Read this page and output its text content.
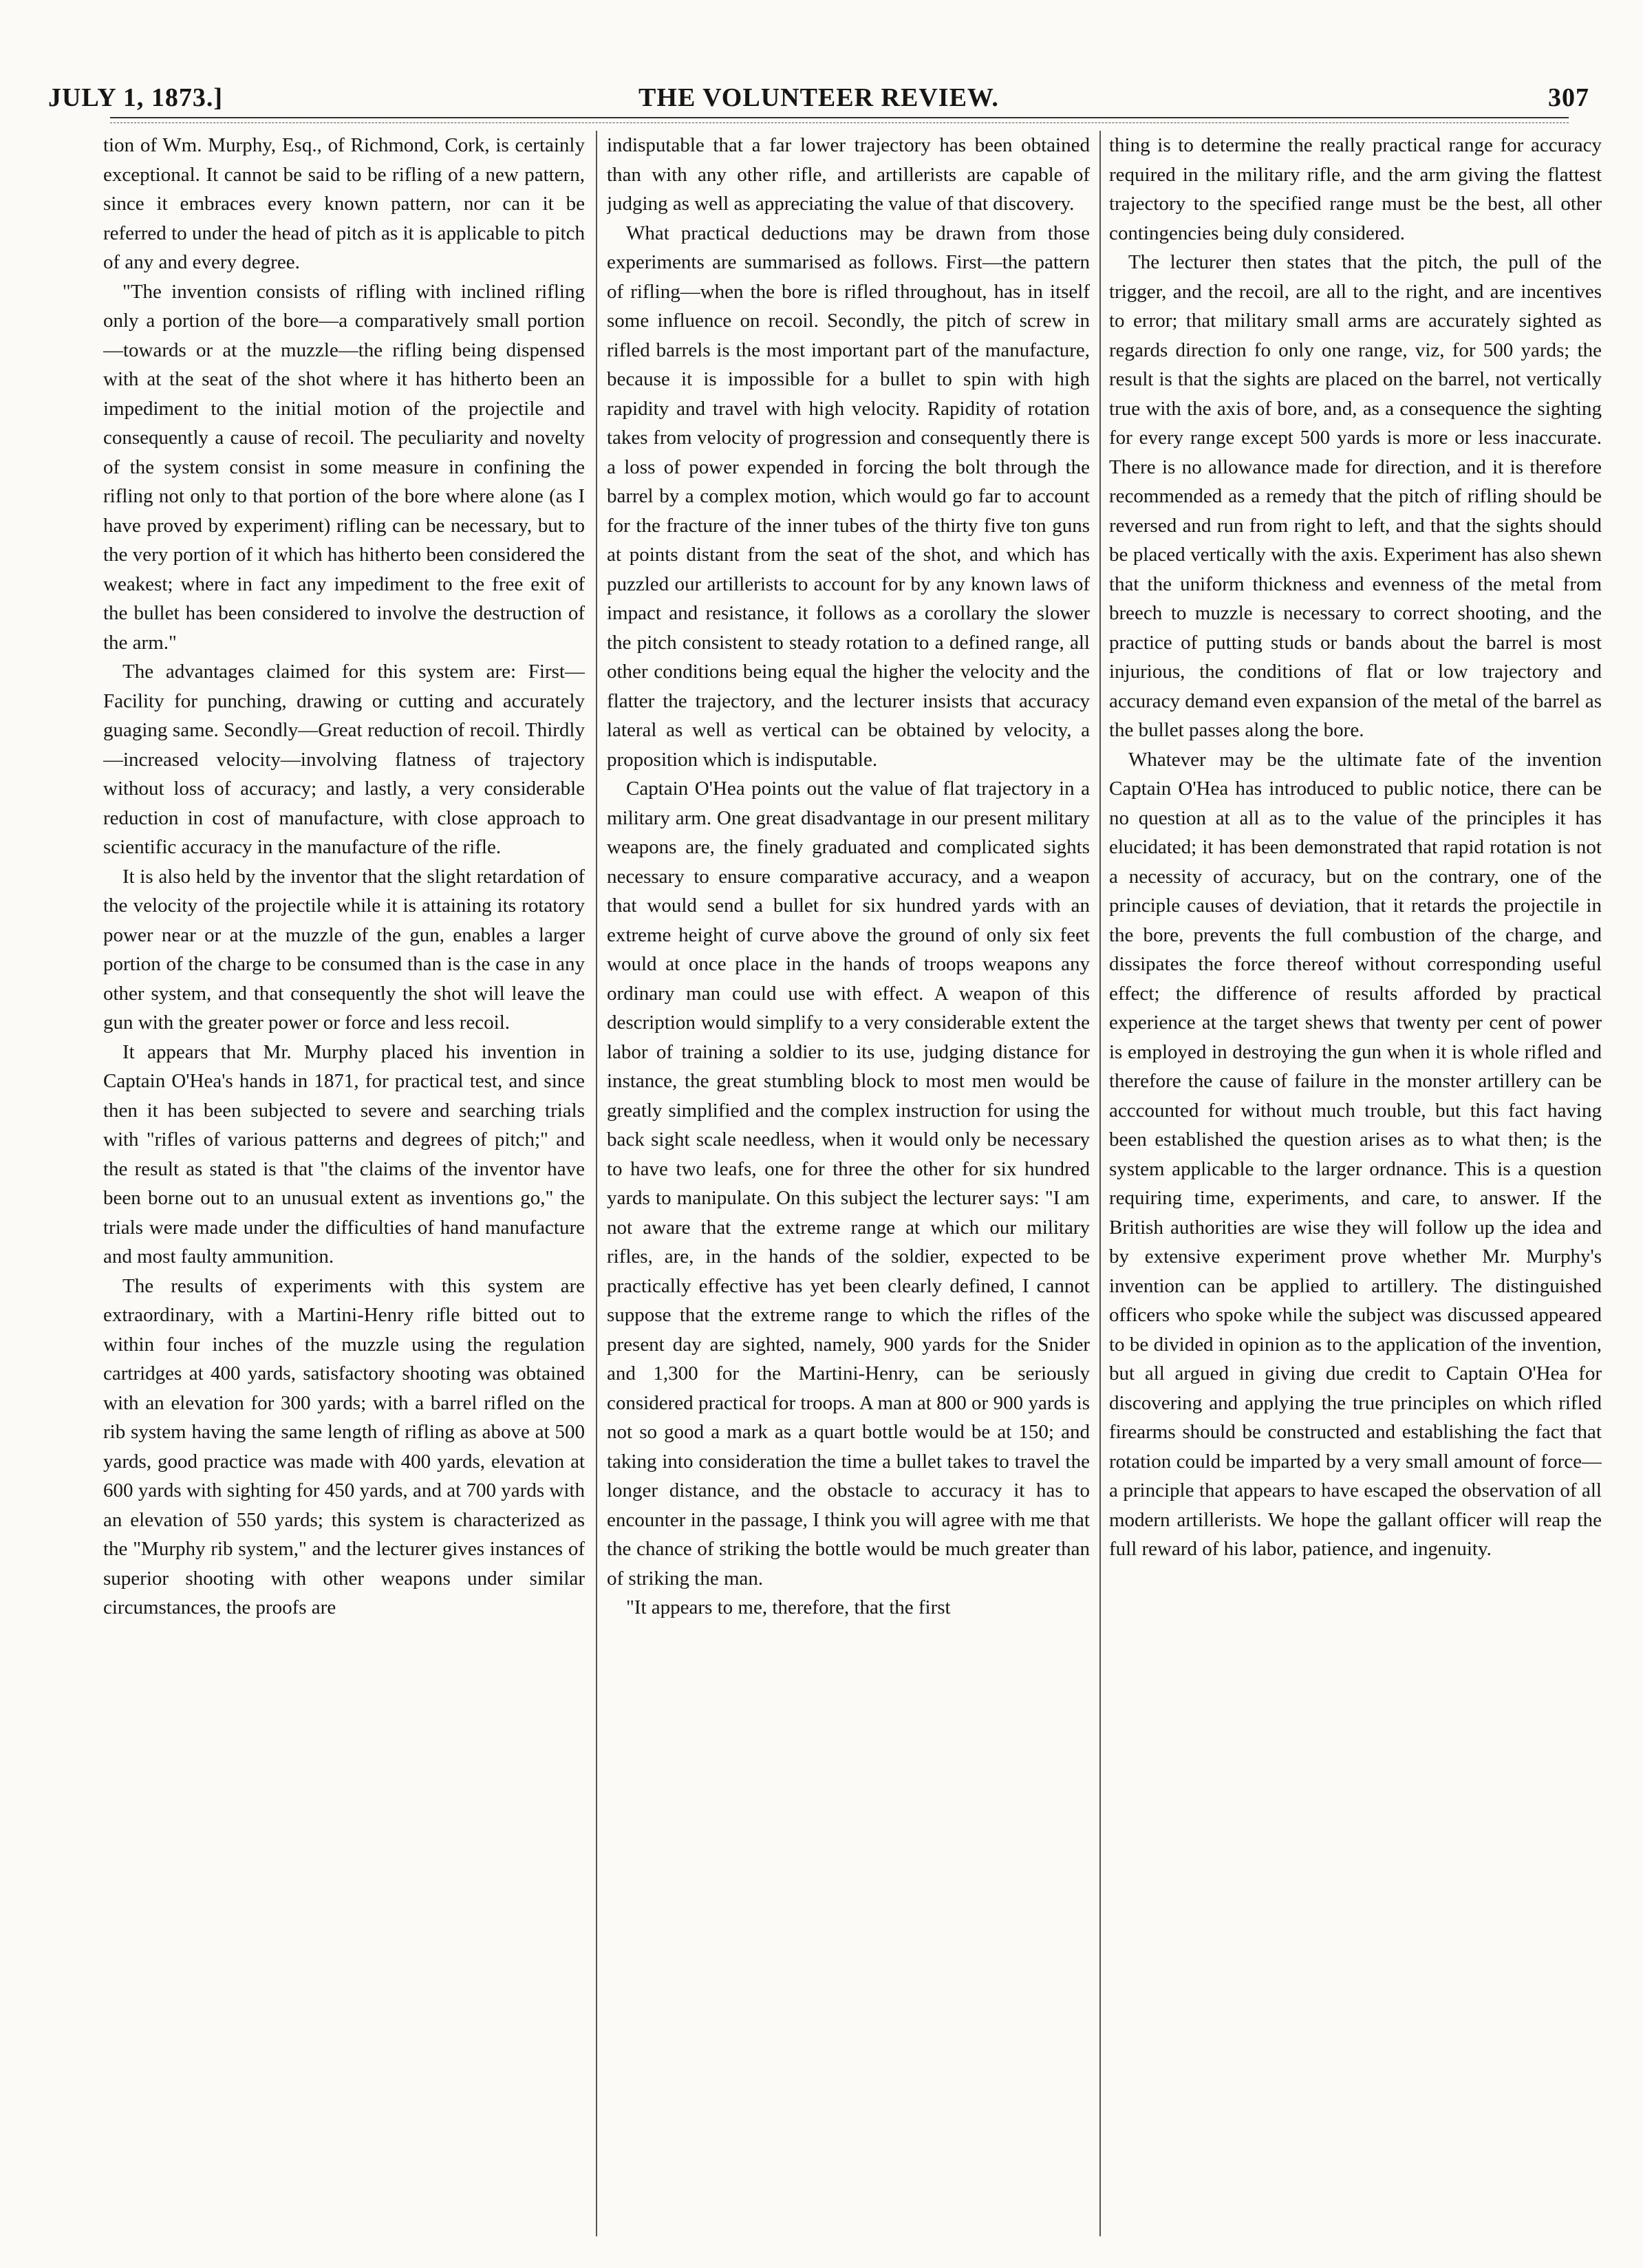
JULY 1, 1873.]	THE VOLUNTEER REVIEW.	307

tion of Wm. Murphy, Esq., of Richmond, Cork, is certainly exceptional. It cannot be said to be rifling of a new pattern, since it embraces every known pattern, nor can it be referred to under the head of pitch as it is applicable to pitch of any and every degree.

"The invention consists of rifling with inclined rifling only a portion of the bore—a comparatively small portion—towards or at the muzzle—the rifling being dispensed with at the seat of the shot where it has hitherto been an impediment to the initial motion of the projectile and consequently a cause of recoil. The peculiarity and novelty of the system consist in some measure in confining the rifling not only to that portion of the bore where alone (as I have proved by experiment) rifling can be necessary, but to the very portion of it which has hitherto been considered the weakest; where in fact any impediment to the free exit of the bullet has been considered to involve the destruction of the arm."

The advantages claimed for this system are: First—Facility for punching, drawing or cutting and accurately guaging same. Secondly—Great reduction of recoil. Thirdly—increased velocity—involving flatness of trajectory without loss of accuracy; and lastly, a very considerable reduction in cost of manufacture, with close approach to scientific accuracy in the manufacture of the rifle.

It is also held by the inventor that the slight retardation of the velocity of the projectile while it is attaining its rotatory power near or at the muzzle of the gun, enables a larger portion of the charge to be consumed than is the case in any other system, and that consequently the shot will leave the gun with the greater power or force and less recoil.

It appears that Mr. Murphy placed his invention in Captain O'Hea's hands in 1871, for practical test, and since then it has been subjected to severe and searching trials with "rifles of various patterns and degrees of pitch;" and the result as stated is that "the claims of the inventor have been borne out to an unusual extent as inventions go," the trials were made under the difficulties of hand manufacture and most faulty ammunition.

The results of experiments with this system are extraordinary, with a Martini-Henry rifle bitted out to within four inches of the muzzle using the regulation cartridges at 400 yards, satisfactory shooting was obtained with an elevation for 300 yards; with a barrel rifled on the rib system having the same length of rifling as above at 500 yards, good practice was made with 400 yards, elevation at 600 yards with sighting for 450 yards, and at 700 yards with an elevation of 550 yards; this system is characterized as the "Murphy rib system," and the lecturer gives instances of superior shooting with other weapons under similar circumstances, the proofs are

indisputable that a far lower trajectory has been obtained than with any other rifle, and artillerists are capable of judging as well as appreciating the value of that discovery.

What practical deductions may be drawn from those experiments are summarised as follows. First—the pattern of rifling—when the bore is rifled throughout, has in itself some influence on recoil. Secondly, the pitch of screw in rifled barrels is the most important part of the manufacture, because it is impossible for a bullet to spin with high rapidity and travel with high velocity. Rapidity of rotation takes from velocity of progression and consequently there is a loss of power expended in forcing the bolt through the barrel by a complex motion, which would go far to account for the fracture of the inner tubes of the thirty five ton guns at points distant from the seat of the shot, and which has puzzled our artillerists to account for by any known laws of impact and resistance, it follows as a corollary the slower the pitch consistent to steady rotation to a defined range, all other conditions being equal the higher the velocity and the flatter the trajectory, and the lecturer insists that accuracy lateral as well as vertical can be obtained by velocity, a proposition which is indisputable.

Captain O'Hea points out the value of flat trajectory in a military arm. One great disadvantage in our present military weapons are, the finely graduated and complicated sights necessary to ensure comparative accuracy, and a weapon that would send a bullet for six hundred yards with an extreme height of curve above the ground of only six feet would at once place in the hands of troops weapons any ordinary man could use with effect. A weapon of this description would simplify to a very considerable extent the labor of training a soldier to its use, judging distance for instance, the great stumbling block to most men would be greatly simplified and the complex instruction for using the back sight scale needless, when it would only be necessary to have two leafs, one for three the other for six hundred yards to manipulate. On this subject the lecturer says: "I am not aware that the extreme range at which our military rifles, are, in the hands of the soldier, expected to be practically effective has yet been clearly defined, I cannot suppose that the extreme range to which the rifles of the present day are sighted, namely, 900 yards for the Snider and 1,300 for the Martini-Henry, can be seriously considered practical for troops. A man at 800 or 900 yards is not so good a mark as a quart bottle would be at 150; and taking into consideration the time a bullet takes to travel the longer distance, and the obstacle to accuracy it has to encounter in the passage, I think you will agree with me that the chance of striking the bottle would be much greater than of striking the man.

"It appears to me, therefore, that the first

thing is to determine the really practical range for accuracy required in the military rifle, and the arm giving the flattest trajectory to the specified range must be the best, all other contingencies being duly considered.

The lecturer then states that the pitch, the pull of the trigger, and the recoil, are all to the right, and are incentives to error; that military small arms are accurately sighted as regards direction fo only one range, viz, for 500 yards; the result is that the sights are placed on the barrel, not vertically true with the axis of bore, and, as a consequence the sighting for every range except 500 yards is more or less inaccurate. There is no allowance made for direction, and it is therefore recommended as a remedy that the pitch of rifling should be reversed and run from right to left, and that the sights should be placed vertically with the axis. Experiment has also shewn that the uniform thickness and evenness of the metal from breech to muzzle is necessary to correct shooting, and the practice of putting studs or bands about the barrel is most injurious, the conditions of flat or low trajectory and accuracy demand even expansion of the metal of the barrel as the bullet passes along the bore.

Whatever may be the ultimate fate of the invention Captain O'Hea has introduced to public notice, there can be no question at all as to the value of the principles it has elucidated; it has been demonstrated that rapid rotation is not a necessity of accuracy, but on the contrary, one of the principle causes of deviation, that it retards the projectile in the bore, prevents the full combustion of the charge, and dissipates the force thereof without corresponding useful effect; the difference of results afforded by practical experience at the target shews that twenty per cent of power is employed in destroying the gun when it is whole rifled and therefore the cause of failure in the monster artillery can be acccounted for without much trouble, but this fact having been established the question arises as to what then; is the system applicable to the larger ordnance. This is a question requiring time, experiments, and care, to answer. If the British authorities are wise they will follow up the idea and by extensive experiment prove whether Mr. Murphy's invention can be applied to artillery. The distinguished officers who spoke while the subject was discussed appeared to be divided in opinion as to the application of the invention, but all argued in giving due credit to Captain O'Hea for discovering and applying the true principles on which rifled firearms should be constructed and establishing the fact that rotation could be imparted by a very small amount of force—a principle that appears to have escaped the observation of all modern artillerists. We hope the gallant officer will reap the full reward of his labor, patience, and ingenuity.
